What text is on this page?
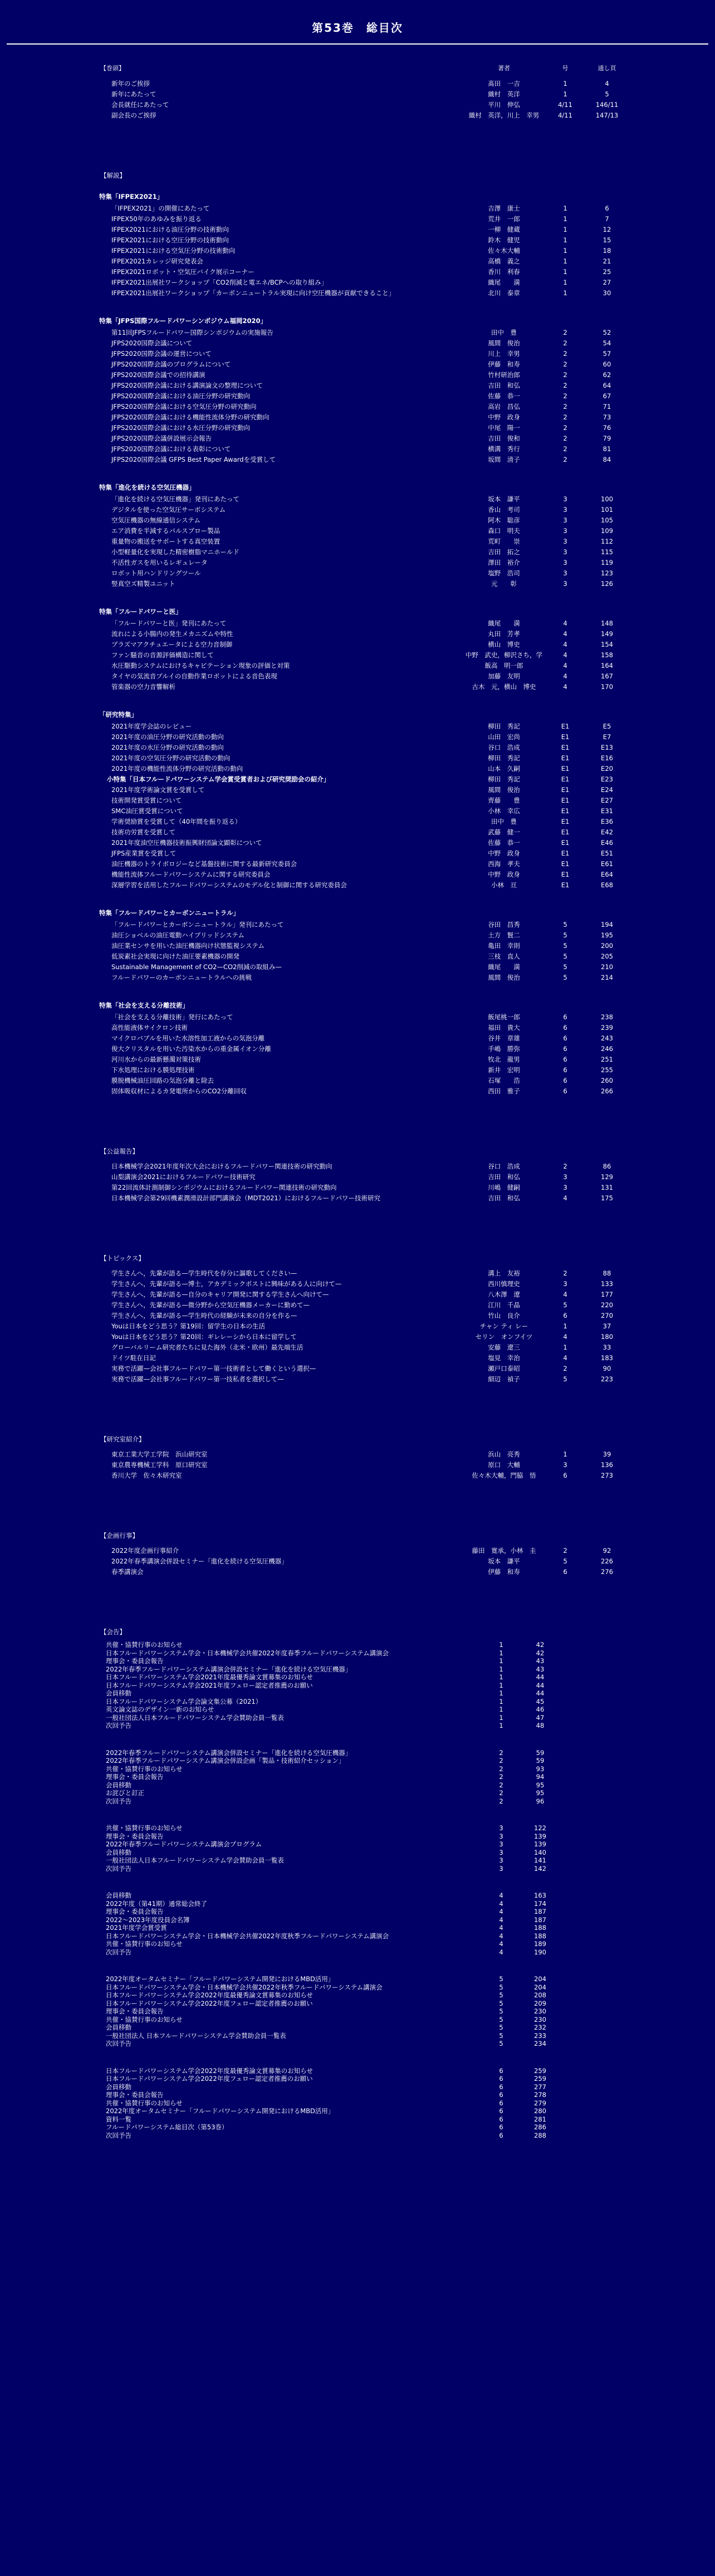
第53巻　総目次
【巻頭】	著者	号	通し頁
新年のご挨拶	髙田　一吉	1	4
新年にあたって	織村　英洋	1	5
会長就任にあたって	平川　伸弘	4/11	146/11
副会長のご挨拶	織村　英洋，川上　幸男	4/11	147/13
【解説】
特集「IFPEX2021」
「IFPEX2021」の開催にあたって	吉澤　康士	1	6
IFPEX50年のあゆみを振り返る	荒井　一郎	1	7
IFPEX2021における油圧分野の技術動向	一柳　健蔵	1	12
IFPEX2021における空圧分野の技術動向	鈴木　健児	1	15
IFPEX2021における空気圧分野の技術動向	佐々木大輔	1	18
IFPEX2021カレッジ研究発表会	高橋　義之	1	21
IFPEX2021ロボット・空気圧バイク展示コーナー	香川　利春	1	25
IFPEX2021出展社ワークショップ「CO2削減と電エネ/BCPへの取り組み」	織尾　　満	1	27
IFPEX2021出展社ワークショップ「カーボンニュートラル実現に向け空圧機器が貢献できること」	北川　泰章	1	30
特集「JFPS国際フルードパワーシンポジウム福岡2020」
第11回JFPSフルードパワー国際シンポジウムの実施報告	田中　豊	2	52
JFPS2020国際会議について	風間　俊治	2	54
JFPS2020国際会議の運営について	川上　幸男	2	57
JFPS2020国際会議のプログラムについて	伊藤　和寿	2	60
JFPS2020国際会議での招待講演	竹村研治郎	2	62
JFPS2020国際会議における講演論文の整理について	吉田　和弘	2	64
JFPS2020国際会議における油圧分野の研究動向	佐藤　恭一	2	67
JFPS2020国際会議における空気圧分野の研究動向	高岩　昌弘	2	71
JFPS2020国際会議における機能性流体分野の研究動向	中野　政身	2	73
JFPS2020国際会議における水圧分野の研究動向	中尾　陽一	2	76
JFPS2020国際会議併設展示会報告	吉田　俊和	2	79
JFPS2020国際会議における表彰について	横溝　秀行	2	81
JFPS2020国際会議 GFPS Best Paper Awardを受賞して	坂間　清子	2	84
特集「進化を続ける空気圧機器」
「進化を続ける空気圧機器」発刊にあたって	坂本　謙平	3	100
デジタルを使った空気圧サーボシステム	香山　考司	3	101
空気圧機器の無線通信システム	阿木　聡彦	3	105
エア消費を半減するパルスブロー製品	森口　明夫	3	109
重量物の搬送をサポートする真空装置	荒町　　崇	3	112
小型軽量化を実現した精密樹脂マニホールド	吉田　拓之	3	115
不活性ガスを用いるレギュレータ	澤田　裕介	3	119
ロボット用ハンドリングツール	塩野　浩司	3	123
竪真空ズ精製ユニット	元　　彰	3	126
特集「フルードパワーと医」
「フルードパワーと医」発刊にあたって	織尾　　満	4	148
流れによる小腸内の発生メカニズムや特性	丸田　芳孝	4	149
プラズマアクチュエータによる空力音制御	横山　博史	4	154
ファン騒音の音源評価構造に関して	中野　武史，柳沢さち，学	4	158
水圧駆動システムにおけるキャビテーション現象の評価と対策	飯高　明一郎	4	164
タイヤの気流音プルイの自動作業ロボットによる音色表現	加藤　友明	4	167
管楽器の空力音響解析	古木　元，横山　博史	4	170
「研究特集」
2021年度学会誌のレビュー	柳田　秀記	E1	E5
2021年度の油圧分野の研究活動の動向	山田　宏尚	E1	E7
2021年度の水圧分野の研究活動の動向	谷口　浩成	E1	E13
2021年度の空気圧分野の研究活動の動向	柳田　秀記	E1	E16
2021年度の機能性流体分野の研究活動の動向	山本　久嗣	E1	E20
小特集「日本フルードパワーシステム学会賞受賞者および研究奨励会の紹介」	柳田　秀記	E1	E23
2021年度学術論文賞を受賞して	風間　俊治	E1	E24
技術開発賞受賞について	齊藤　　豊	E1	E27
SMC油圧賞受賞について	小林　幸広	E1	E31
学術奨励賞を受賞して（40年間を振り返る）	田中　豊	E1	E36
技術功労賞を受賞して	武藤　健一	E1	E42
2021年度油空圧機器技術振興財団論文顕彰について	佐藤　恭一	E1	E46
JFPS産業賞を受賞して	中野　政身	E1	E51
油圧機器のトライボロジーなど基盤技術に関する最新研究委員会	西海　孝夫	E1	E61
機能性流体フルードパワーシステムに関する研究委員会	中野　政身	E1	E64
深層学習を活用したフルードパワーシステムのモデル化と制御に関する研究委員会	小林　亘	E1	E68
特集「フルードパワーとカーボンニュートラル」
「フルードパワーとカーボンニュートラル」発刊にあたって	谷田　昌秀	5	194
油圧ショベルの油圧電動ハイブリッドシステム	土方　賢二	5	195
油圧業センサを用いた油圧機器向け状態監視システム	亀田　幸則	5	200
低炭素社会実現に向けた油圧要素機器の開発	三枝　直人	5	205
Sustainable Management of CO2—CO2削減の取組み—	織尾　　満	5	210
フルードパワーのカーボンニュートラルへの挑戦	風間　俊治	5	214
特集「社会を支える分離技術」
「社会を支える分離技術」発行にあたって	飯尾桃一郎	6	238
高性能液体サイクロン技術	福田　貴大	6	239
マイクロバブルを用いた水溶性加工液からの気泡分離	谷井　章雄	6	243
俊大クリスタルを用いた汚染水からの重金属イオン分離	手嶋　勝弥	6	246
河川水からの最新懸濁対策技術	牧北　龍男	6	251
下水処理における膜処理技術	新井　宏明	6	255
膜脱機械油圧回路の気泡分離と除去	石塚　　浩	6	260
固体吸収材によるカ発電所からのCO2分離回収	西田　雅子	6	266
【公益報告】
日本機械学会2021年度年次大会におけるフルードパワー関連技術の研究動向	谷口　浩成	2	86
山梨講演会2021におけるフルードパワー技術研究	吉田　和弘	3	129
第22回流体計測制御シンポジウムにおけるフルードパワー関連技術の研究動向	川嶋　健嗣	3	131
日本機械学会第29回機素潤滑設計部門講演会（MDT2021）におけるフルードパワー技術研究	吉田　和弘	4	175
【トピックス】
学生さんへ，先輩が語る—学生時代を存分に謳歌してください—	溝上　友裕	2	88
学生さんへ，先輩が語る—博士，アカデミックポストに興味がある人に向けて—	西川慎理史	3	133
学生さんへ，先輩が語る—自分のキャリア開発に関する学生さんへ向けて—	八木澤　遼	4	177
学生さんへ，先輩が語る—微分野から空気圧機器メーカーに勤めて—	江川　千晶	5	220
学生さんへ，先輩が語る—学生時代の経験が未来の自分を作る—	竹山　良介	6	270
Youは日本をどう思う？第19回：留学生の日本の生活	チャン ティ レー	1	37
Youは日本をどう思う？第20回：ギレレーシから日本に留学して	セリン　オンフイツ	4	180
グローバルリーム研究者たちに見た海外（北米・欧州）最先端生活	安藤　遼三	1	33
ドイツ駐在日記	塩見　幸治	4	183
実務で活躍—会社事フルードパワー第一技術者として働くという選択—	瀬戸口泰昭	2	90
実務で活躍—会社事フルードパワー第一技私者を選択して—	細辺　禎子	5	223
【研究室紹介】
東京工業大学工学院　浜山研究室	浜山　亮秀	1	39
東京農専機械工学科　原口研究室	原口　大輔	3	136
香川大学　佐々木研究室	佐々木大輔，門脇　悟	6	273
【企画行事】
2022年度企画行事紹介	藤田　寛承，小林　圭	2	92
2022年春季講演会併設セミナー「進化を続ける空気圧機器」	坂本　謙平	5	226
春季講演会	伊藤　和寿	6	276
【会告】
共催・協賛行事のお知らせ	1	42
日本フルードパワーシステム学会・日本機械学会共催2022年度春季フルードパワーシステム講演会	1	42
理事会・委員会報告	1	43
2022年春季フルードパワーシステム講演会併設セミナー「進化を続ける空気圧機器」	1	43
日本フルードパワーシステム学会2021年度最優秀論文賞募集のお知らせ	1	44
日本フルードパワーシステム学会2021年度フェロー認定者推薦のお願い	1	44
会員移動	1	44
日本フルードパワーシステム学会論文集公募（2021）	1	45
英文論文誌のデザイン一新のお知らせ	1	46
一般社団法人日本フルードパワーシステム学会賛助会員一覧表	1	47
次回予告	1	48
2022年春季フルードパワーシステム講演会併設セミナー「進化を続ける空気圧機器」	2	59
2022年春季フルードパワーシステム講演会併設企画「製品・技術紹介セッション」	2	59
共催・協賛行事のお知らせ	2	93
理事会・委員会報告	2	94
会員移動	2	95
お詫びと訂正	2	95
次回予告	2	96
共催・協賛行事のお知らせ	3	122
理事会・委員会報告	3	139
2022年春季フルードパワーシステム講演会プログラム	3	139
会員移動	3	140
一般社団法人日本フルードパワーシステム学会賛助会員一覧表	3	141
次回予告	3	142
会員移動	4	163
2022年度（第41期）通常総会終了	4	174
理事会・委員会報告	4	187
2022～2023年度役員会名簿	4	187
2021年度学会賞受賞	4	188
日本フルードパワーシステム学会・日本機械学会共催2022年度秋季フルードパワーシステム講演会	4	188
共催・協賛行事のお知らせ	4	189
次回予告	4	190
2022年度オータムセミナー「フルードパワーシステム開発におけるMBD活用」	5	204
日本フルードパワーシステム学会・日本機械学会共催2022年秋季フルードパワーシステム講演会	5	204
日本フルードパワーシステム学会2022年度最優秀論文賞募集のお知らせ	5	208
日本フルードパワーシステム学会2022年度フェロー認定者推薦のお願い	5	209
理事会・委員会報告	5	230
共催・協賛行事のお知らせ	5	230
会員移動	5	232
一般社団法人 日本フルードパワーシステム学会賛助会員一覧表	5	233
次回予告	5	234
日本フルードパワーシステム学会2022年度最優秀論文賞募集のお知らせ	6	259
日本フルードパワーシステム学会2022年度フェロー認定者推薦のお願い	6	259
会員移動	6	277
理事会・委員会報告	6	278
共催・協賛行事のお知らせ	6	279
2022年度オータムセミナー「フルードパワーシステム開発におけるMBD活用」	6	280
資料一覧	6	281
フルードパワーシステム総目次（第53巻）	6	286
次回予告	6	288
